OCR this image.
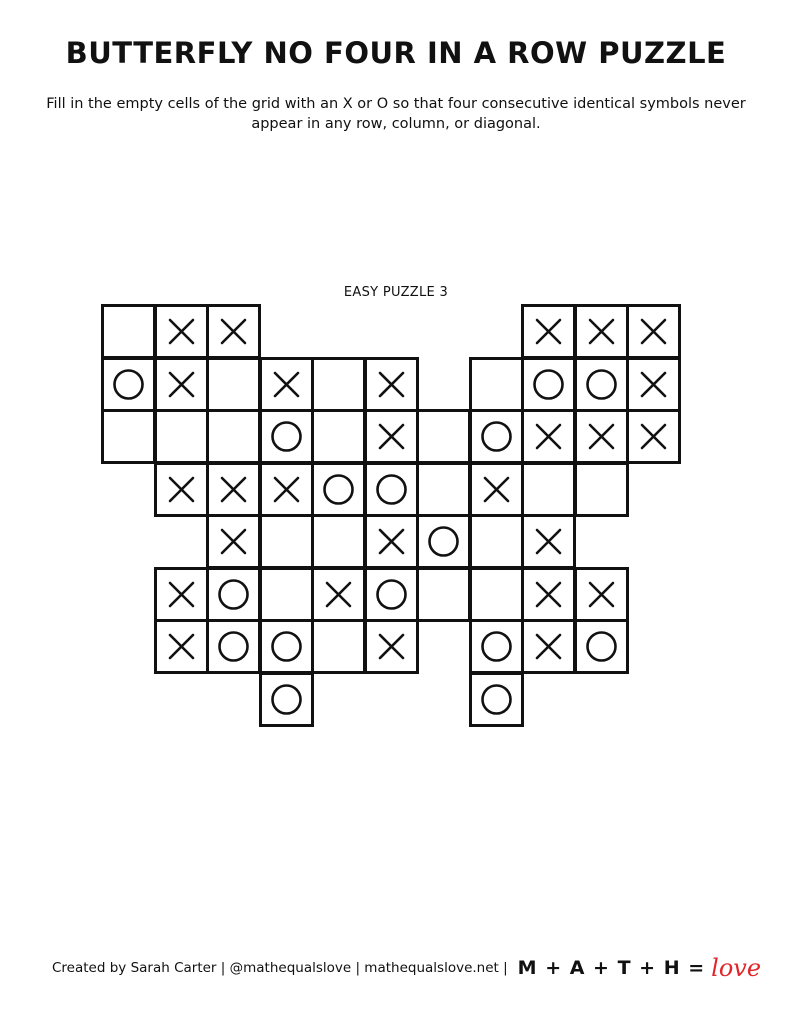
BUTTERFLY NO FOUR IN A ROW PUZZLE
Fill in the empty cells of the grid with an X or O so that four consecutive identical symbols never appear in any row, column, or diagonal.
EASY PUZZLE 3
Created by Sarah Carter | @mathequalslove | mathequalslove.net | M + A + T + H = love
